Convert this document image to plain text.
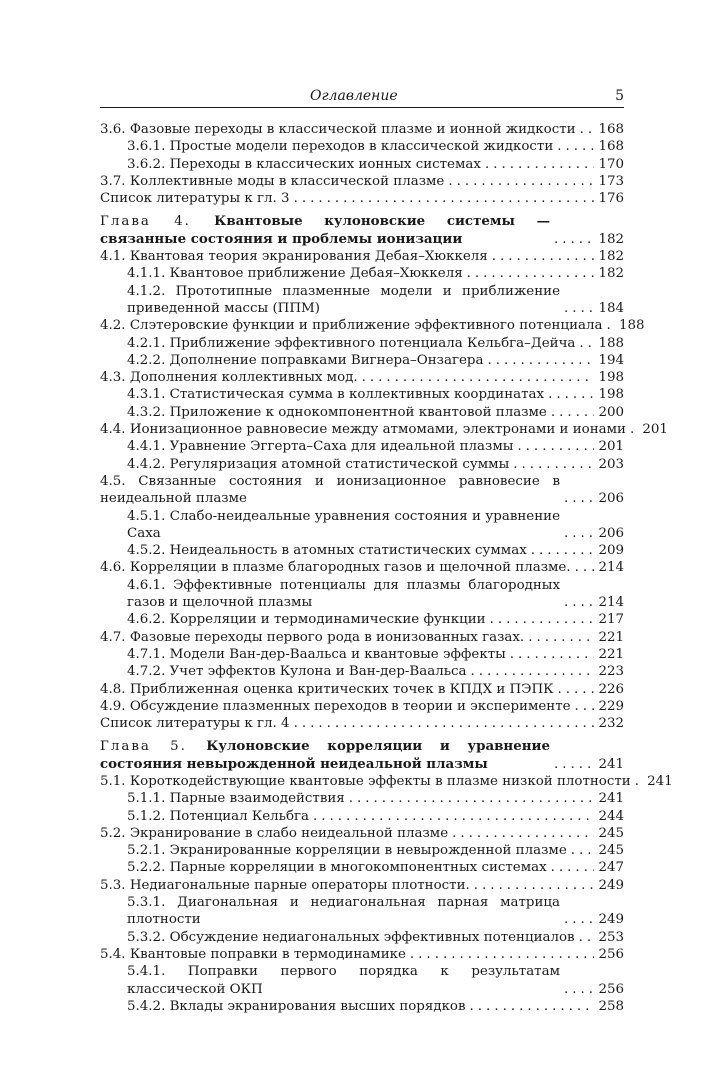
Оглавление	5
3.6. Фазовые переходы в классической плазме и ионной жидкости ..... 168
3.6.1. Простые модели переходов в классической жидкости .....	168
3.6.2. Переходы в классических ионных системах .....	170
3.7. Коллективные моды в классической плазме .....	173
Список литературы к гл. 3 .....	176
Глава 4. Квантовые кулоновские системы — связанные состояния и проблемы ионизации .....	182
4.1. Квантовая теория экранирования Дебая–Хюккеля .....	182
4.1.1. Квантовое приближение Дебая–Хюккеля .....	182
4.1.2. Прототипные плазменные модели и приближение приведенной массы (ППМ) .....	184
4.2. Слэтеровские функции и приближение эффективного потенциала ..... 188
4.2.1. Приближение эффективного потенциала Кельбга–Дейча ..... 188
4.2.2. Дополнение поправками Вигнера–Онзагера .....	194
4.3. Дополнения коллективных мод. .....	198
4.3.1. Статистическая сумма в коллективных координатах .....	198
4.3.2. Приложение к однокомпонентной квантовой плазме .....	200
4.4. Ионизационное равновесие между атмомами, электронами и ионами ..... 201
4.4.1. Уравнение Эггерта–Саха для идеальной плазмы .....	201
4.4.2. Регуляризация атомной статистической суммы .....	203
4.5. Связанные состояния и ионизационное равновесие в неидеальной плазме .....	206
4.5.1. Слабо-неидеальные уравнения состояния и уравнение Саха .....	206
4.5.2. Неидеальность в атомных статистических суммах .....	209
4.6. Корреляции в плазме благородных газов и щелочной плазме. ..... 214
4.6.1. Эффективные потенциалы для плазмы благородных газов и щелочной плазмы .....	214
4.6.2. Корреляции и термодинамические функции .....	217
4.7. Фазовые переходы первого рода в ионизованных газах. .....	221
4.7.1. Модели Ван-дер-Ваальса и квантовые эффекты .....	221
4.7.2. Учет эффектов Кулона и Ван-дер-Ваальса .....	223
4.8. Приближенная оценка критических точек в КПДХ и ПЭПК .....	226
4.9. Обсуждение плазменных переходов в теории и эксперименте ..... 229
Список литературы к гл. 4 .....	232
Глава 5. Кулоновские корреляции и уравнение состояния невырожденной неидеальной плазмы .....	241
5.1. Короткодействующие квантовые эффекты в плазме низкой плотности ..... 241
5.1.1. Парные взаимодействия .....	241
5.1.2. Потенциал Кельбга .....	244
5.2. Экранирование в слабо неидеальной плазме .....	245
5.2.1. Экранированные корреляции в невырожденной плазме ..... 245
5.2.2. Парные корреляции в многокомпонентных системах .....	247
5.3. Недиагональные парные операторы плотности. .....	249
5.3.1. Диагональная и недиагональная парная матрица плотности .....	249
5.3.2. Обсуждение недиагональных эффективных потенциалов ..... 253
5.4. Квантовые поправки в термодинамике .....	256
5.4.1. Поправки первого порядка к результатам классической ОКП .....	256
5.4.2. Вклады экранирования высших порядков .....	258
